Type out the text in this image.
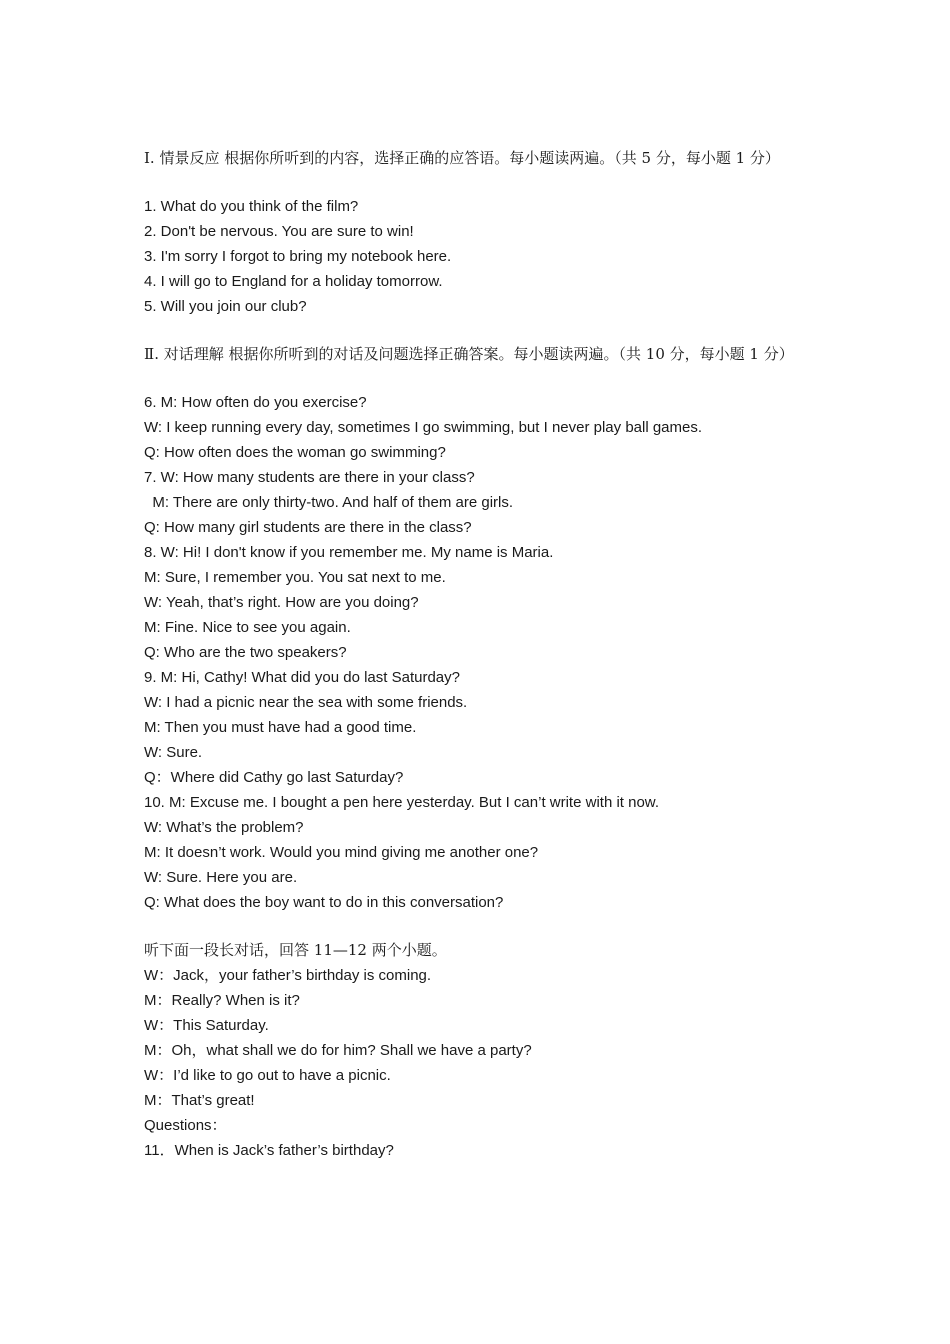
Ⅰ. 情景反应 根据你所听到的内容，选择正确的应答语。每小题读两遍。（共 5 分，每小题 1 分）
1. What do you think of the film?
2. Don't be nervous. You are sure to win!
3. I'm sorry I forgot to bring my notebook here.
4. I will go to England for a holiday tomorrow.
5. Will you join our club?
Ⅱ. 对话理解 根据你所听到的对话及问题选择正确答案。每小题读两遍。（共 10 分，每小题 1 分）
6. M: How often do you exercise?
W: I keep running every day, sometimes I go swimming, but I never play ball games.
Q: How often does the woman go swimming?
7. W: How many students are there in your class?
M: There are only thirty-two. And half of them are girls.
Q: How many girl students are there in the class?
8. W: Hi! I don't know if you remember me. My name is Maria.
M: Sure, I remember you. You sat next to me.
W: Yeah, that’s right. How are you doing?
M: Fine. Nice to see you again.
Q: Who are the two speakers?
9. M: Hi, Cathy! What did you do last Saturday?
W: I had a picnic near the sea with some friends.
M: Then you must have had a good time.
W: Sure.
Q：Where did Cathy go last Saturday?
10. M: Excuse me. I bought a pen here yesterday. But I can’t write with it now.
W: What’s the problem?
M: It doesn’t work. Would you mind giving me another one?
W: Sure. Here you are.
Q: What does the boy want to do in this conversation?
听下面一段长对话，回答 11—12 两个小题。
W：Jack，your father’s birthday is coming.
M：Really? When is it?
W：This Saturday.
M：Oh，what shall we do for him? Shall we have a party?
W：I’d like to go out to have a picnic.
M：That’s great!
Questions：
11．When is Jack’s father’s birthday?
